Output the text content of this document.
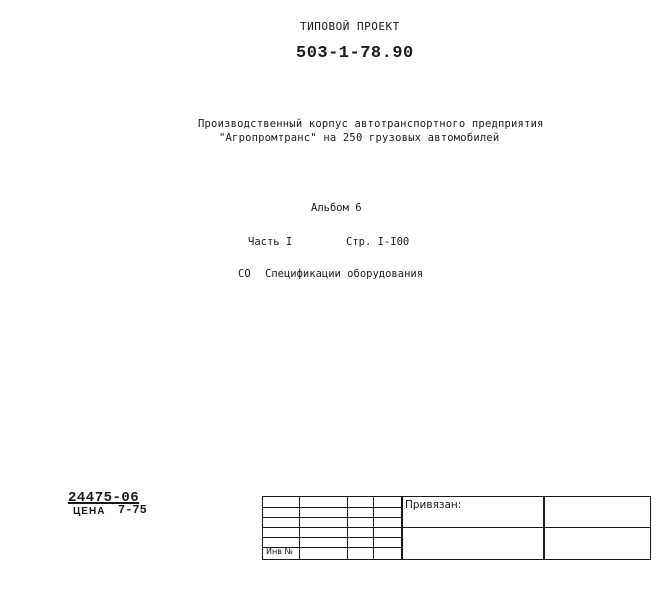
ТИПОВОЙ ПРОЕКТ
503-1-78.90
Производственный корпус автотранспортного предприятия
"Агропромтранс" на 250 грузовых автомобилей
Альбом 6
Часть I	Стр. I-I00
СО Спецификации оборудования
24475-06
ЦЕНА 7-75	Привязан:
Инв №
